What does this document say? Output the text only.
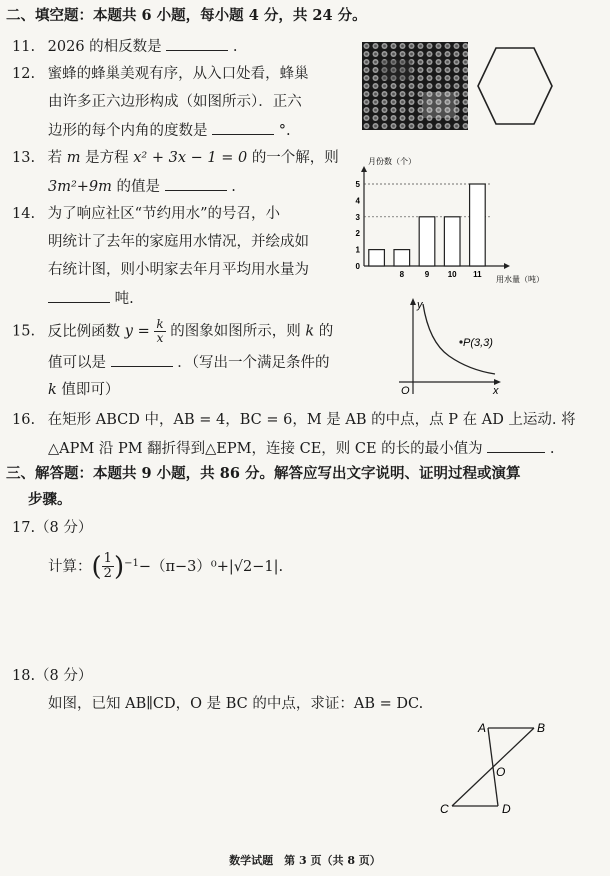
二、填空题：本题共 6 小题，每小题 4 分，共 24 分。
11. 2026 的相反数是	.
12. 蜜蜂的蜂巢美观有序，从入口处看，蜂巢
由许多正六边形构成（如图所示）．正六
边形的每个内角的度数是	°.
13. 若 m 是方程 x² + 3x − 1 = 0 的一个解，则
3m²+9m 的值是	.
14. 为了响应社区“节约用水”的号召，小
明统计了去年的家庭用水情况，并绘成如
右统计图，则小明家去年月平均用水量为
吨.
月份数（个）
用水量（吨）
0
1
2
3
4
5
8	9 10 11
15. 反比例函数 $y = \frac{k}{x}$ 的图象如图所示，则 k 的
值可以是	．（写出一个满足条件的
k 值即可）
P(3,3)
y
x
O
16. 在矩形 ABCD 中，AB = 4，BC = 6，M 是 AB 的中点，点 P 在 AD 上运动. 将
△APM 沿 PM 翻折得到△EPM，连接 CE，则 CE 的长的最小值为	.
三、解答题：本题共 9 小题，共 86 分。解答应写出文字说明、证明过程或演算
步骤。
17.（8 分）
计算： ( $\frac{1}{2}$ ) −1 −（π−3）⁰+|√2−1|.
18.（8 分）
如图，已知 AB∥CD，O 是 BC 的中点，求证：AB = DC.
A	B
C	D
O
数学试题　第 3 页（共 8 页）
